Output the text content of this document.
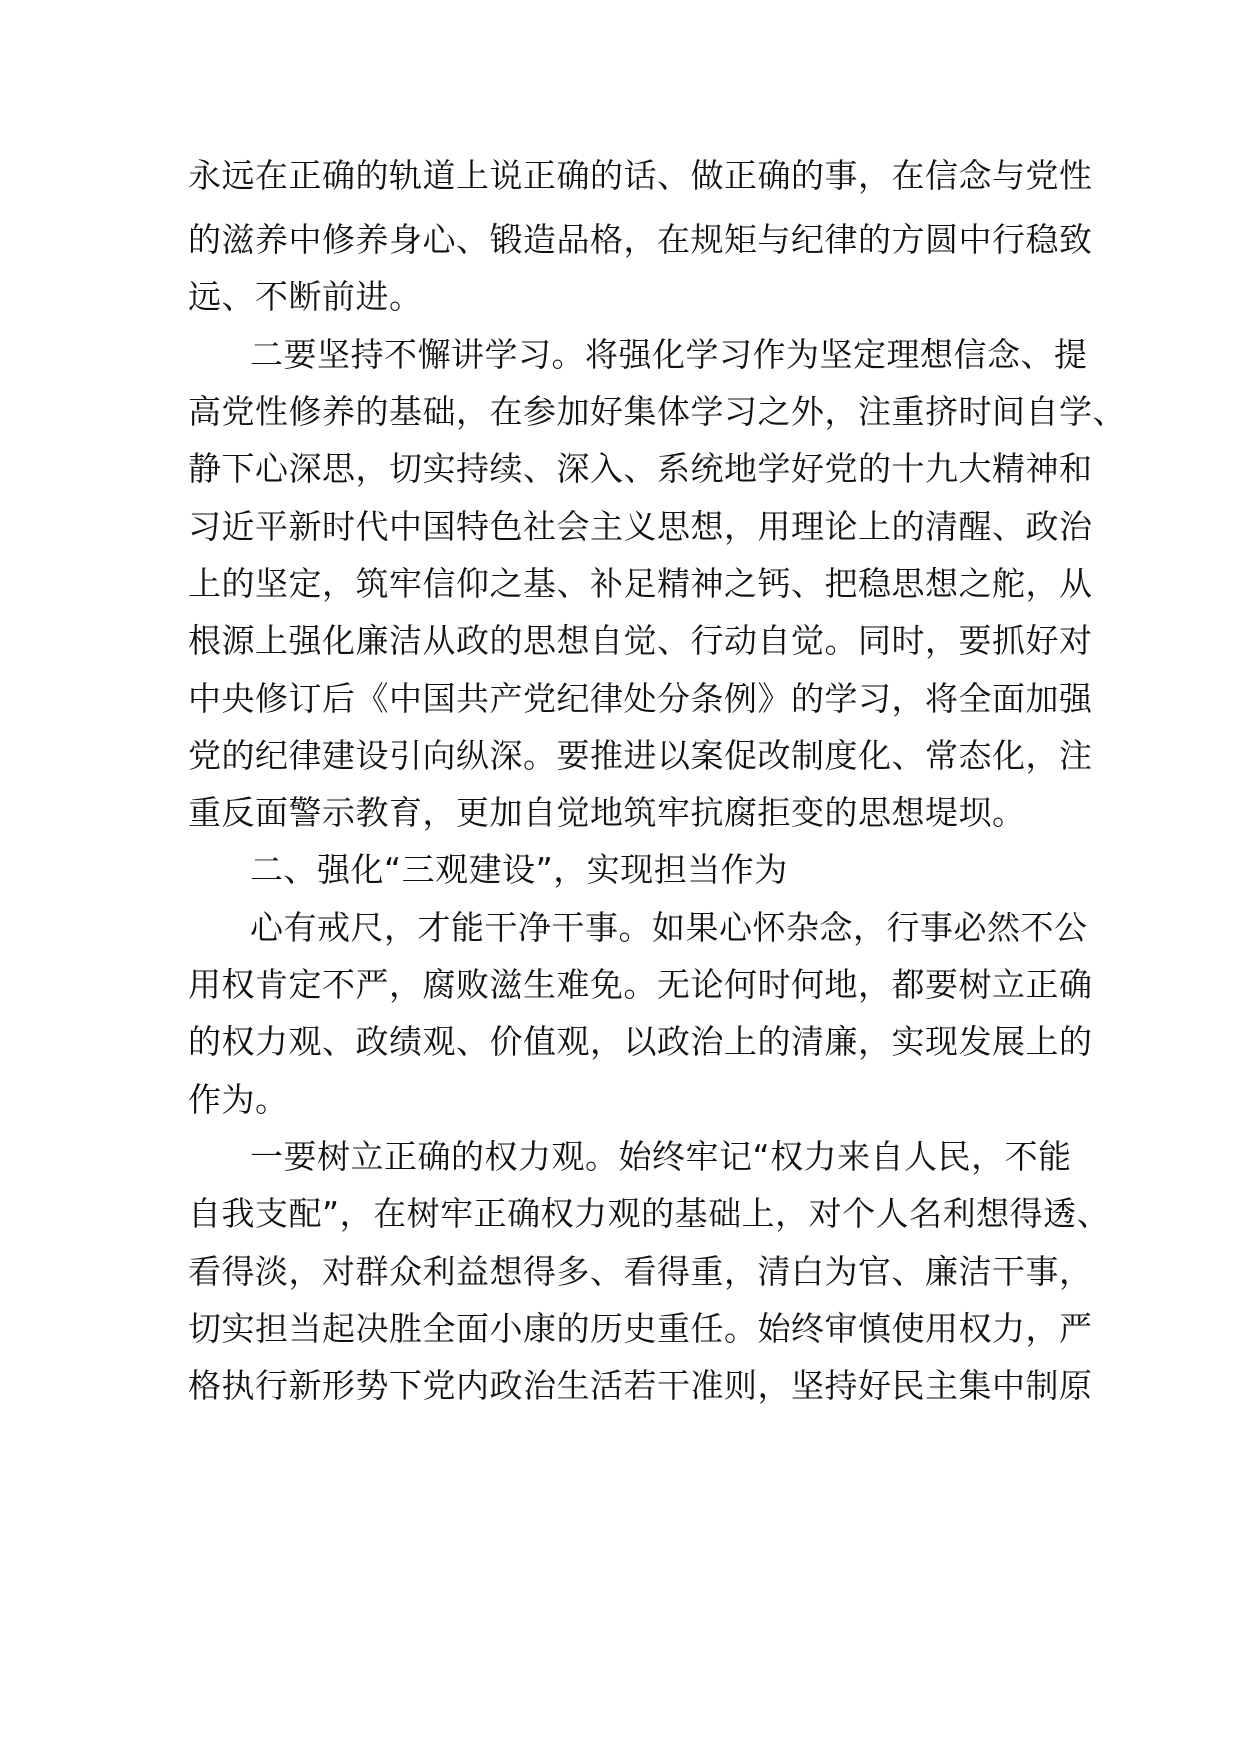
永远在正确的轨道上说正确的话、做正确的事，在信念与党性
的滋养中修养身心、锻造品格，在规矩与纪律的方圆中行稳致
远、不断前进。
二要坚持不懈讲学习。将强化学习作为坚定理想信念、提
高党性修养的基础，在参加好集体学习之外，注重挤时间自学、
静下心深思，切实持续、深入、系统地学好党的十九大精神和
习近平新时代中国特色社会主义思想，用理论上的清醒、政治
上的坚定，筑牢信仰之基、补足精神之钙、把稳思想之舵，从
根源上强化廉洁从政的思想自觉、行动自觉。同时，要抓好对
中央修订后《中国共产党纪律处分条例》的学习，将全面加强
党的纪律建设引向纵深。要推进以案促改制度化、常态化，注
重反面警示教育，更加自觉地筑牢抗腐拒变的思想堤坝。
二、强化“三观建设”，实现担当作为
心有戒尺，才能干净干事。如果心怀杂念，行事必然不公
用权肯定不严，腐败滋生难免。无论何时何地，都要树立正确
的权力观、政绩观、价值观，以政治上的清廉，实现发展上的
作为。
一要树立正确的权力观。始终牢记“权力来自人民，不能
自我支配”，在树牢正确权力观的基础上，对个人名利想得透、
看得淡，对群众利益想得多、看得重，清白为官、廉洁干事，
切实担当起决胜全面小康的历史重任。始终审慎使用权力，严
格执行新形势下党内政治生活若干准则，坚持好民主集中制原
